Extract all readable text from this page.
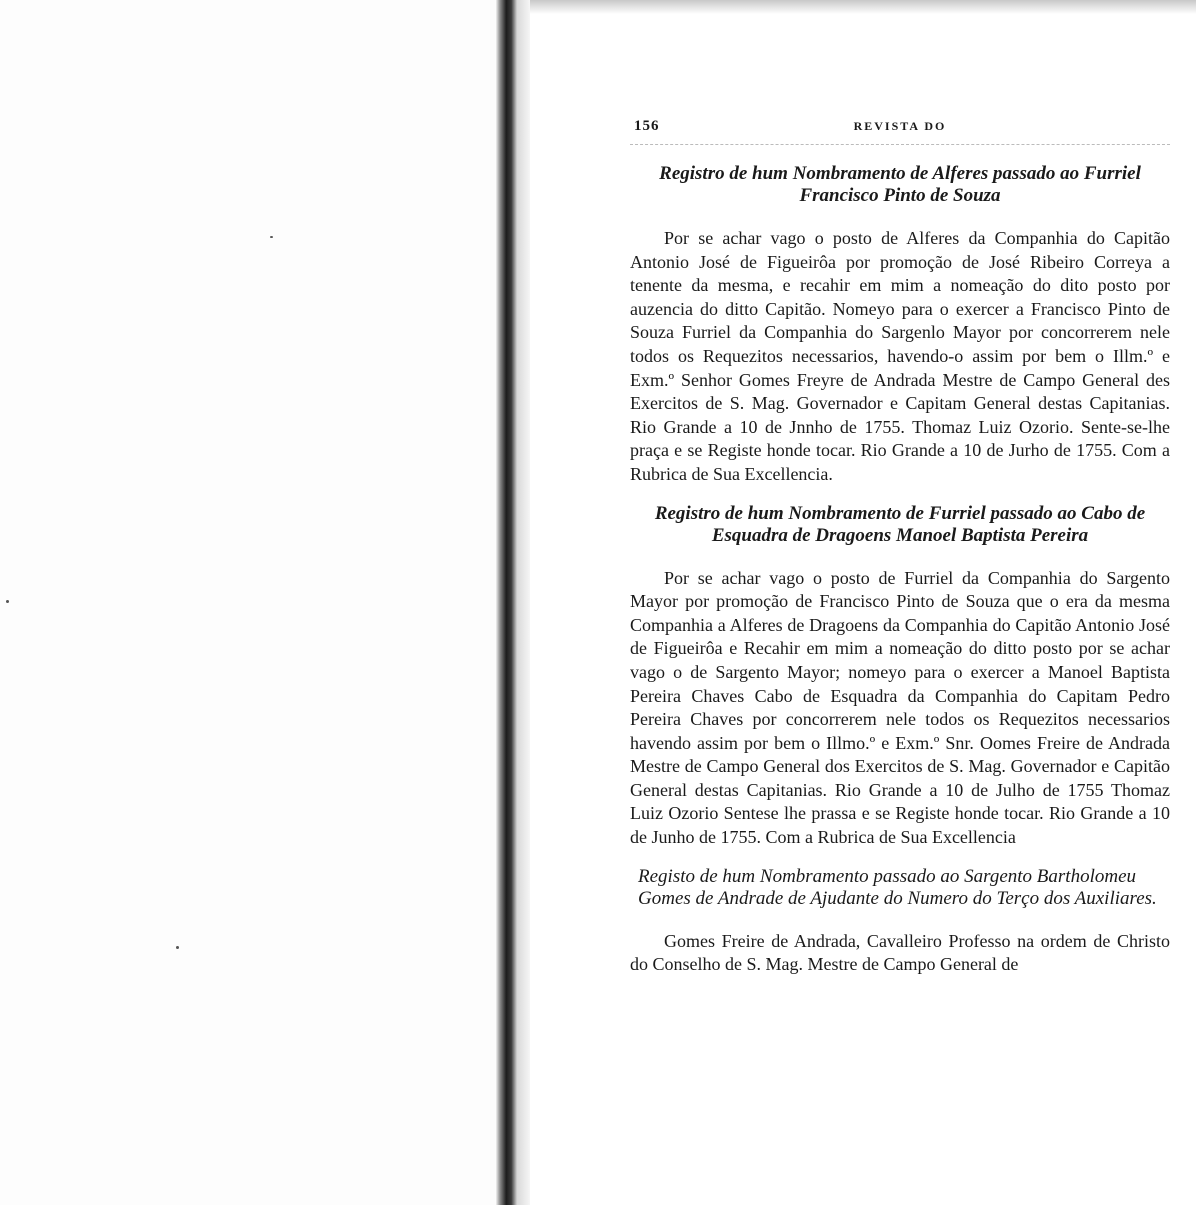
156	REVISTA DO
Registro de hum Nombramento de Alferes passado ao Furriel Francisco Pinto de Souza

Por se achar vago o posto de Alferes da Companhia do Capitão Antonio José de Figueirôa por promoção de José Ribeiro Correya a tenente da mesma, e recahir em mim a nomeação do dito posto por auzencia do ditto Capitão. Nomeyo para o exercer a Francisco Pinto de Souza Furriel da Companhia do Sargenlo Mayor por concorrerem nele todos os Requezitos necessarios, havendo-o assim por bem o Illm.º e Exm.º Senhor Gomes Freyre de Andrada Mestre de Campo General des Exercitos de S. Mag. Governador e Capitam General destas Capitanias. Rio Grande a 10 de Jnnho de 1755. Thomaz Luiz Ozorio. Sente-se-lhe praça e se Registe honde tocar. Rio Grande a 10 de Jurho de 1755. Com a Rubrica de Sua Excellencia.

Registro de hum Nombramento de Furriel passado ao Cabo de Esquadra de Dragoens Manoel Baptista Pereira

Por se achar vago o posto de Furriel da Companhia do Sargento Mayor por promoção de Francisco Pinto de Souza que o era da mesma Companhia a Alferes de Dragoens da Companhia do Capitão Antonio José de Figueirôa e Recahir em mim a nomeação do ditto posto por se achar vago o de Sargento Mayor; nomeyo para o exercer a Manoel Baptista Pereira Chaves Cabo de Esquadra da Companhia do Capitam Pedro Pereira Chaves por concorrerem nele todos os Requezitos necessarios havendo assim por bem o Illmo.º e Exm.º Snr. Oomes Freire de Andrada Mestre de Campo General dos Exercitos de S. Mag. Governador e Capitão General destas Capitanias. Rio Grande a 10 de Julho de 1755 Thomaz Luiz Ozorio Sentese lhe prassa e se Registe honde tocar. Rio Grande a 10 de Junho de 1755. Com a Rubrica de Sua Excellencia

Registo de hum Nombramento passado ao Sargento Bartholomeu Gomes de Andrade de Ajudante do Numero do Terço dos Auxiliares.

Gomes Freire de Andrada, Cavalleiro Professo na ordem de Christo do Conselho de S. Mag. Mestre de Campo General de
